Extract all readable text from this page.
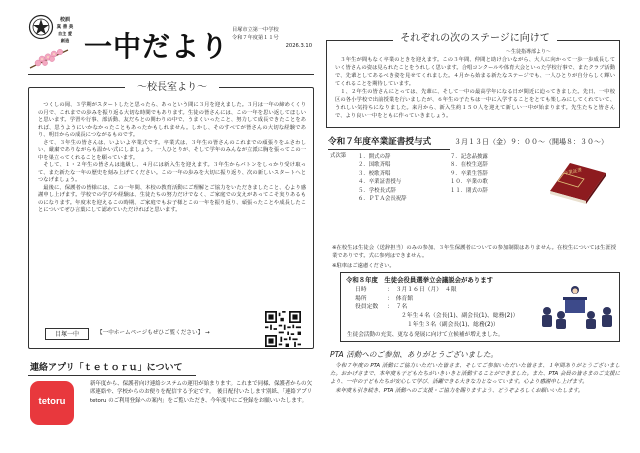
校訓
真 善 美
自主 愛 創造 一中だより 目塚市立第一中学校
令和７年度第１１号
2026.3.10
～校長室より～

つくしの岡、３学期がスタートしたと思ったら、あっという間に３月を迎えました。３月は一年の締めくくりの月で、これまでの歩みを振り返る大切な時間でもあります。生徒の皆さんには、この一年を思い返してほしいと思います。学習や行事、部活動、友だちとの関わりの中で、うまくいったこと、努力して成長できたことをあれば、思うようにいかなかったこともあったかもしれません。しかし、そのすべてが皆さんの大切な経験であり、明日からの成長につながるものです。

さて、３年生の皆さんは、いよいよ卒業式です。卒業式は、３年生の皆さんのこれまでの頑張りをふさわしい、厳粛でありながらも温かい式にしましょう。一人ひとりが、そして学年のみんなが立派に胸を張ってこの一中を巣立ってくれることを願っています。

そして、１・２年生の皆さんは進級し、４月には新入生を迎えます。３年生からバトンをしっかり受け取って、また新たな一年の歴史を刻み上げてください。この一年の歩みを大切に振り返り、次の新しいスタートへとつなげましょう。

最後に、保護者の皆様には、この一年間、本校の教育活動にご理解とご協力をいただきましたこと、心より感謝申し上げます。学校での学びや経験は、生徒たちの努力だけでなく、ご家庭での支えがあってこそ実りあるものになります。年度末を迎えるこの時期、ご家庭でもお子様とこの一年を振り返り、頑張ったことや成長したことについてぜひ言葉にして認めていただければと思います。

目塚一中	【一中ホームページもぜひご覧ください】 →
連絡アプリ「ｔｅｔｏｒｕ」について
tetoru
新年度から、保護者向け連絡システムの運用が始まります。これまで同様、保護者からの欠席連絡や、学校からのお便りを配信する予定です。　後日配付いたします別紙、「連絡アプリ tetoru のご利用登録への案内」をご覧いただき、今年度中にご登録をお願いいたします。
それぞれの次のステージに向けて
～生徒指導部より～

３年生が間もなく卒業のときを迎えます。この３年間、仲間と助け合いながら、大人に向かって一歩一歩成長していく皆さんの姿は見られたことをうれしく思います。合唱コンクールや体育大会といった学校行事で、またクラブ活動で、先輩としてあるべき姿を見せてくれました。４月から始まる新たなステージでも、一人ひとりが自分らしく輝いてくれることを期待しています。

１、２年生の皆さんにとっては、先輩に、そして一中の最高学年になる日が間近に迫ってきました。先日、一中校区の各小学校で出前授業を行いましたが、６年生の子たちは一中に入学することをとても楽しみにしてくれていて、うれしい気持ちになりました。来月から、新入生約１５０人を迎えて新しい一中が始まります。先生たちと皆さんで、より良い一中をともに作っていきましょう。

令和７年度卒業証書授与式	３月１３日（金）９：００～（開場８：３０～）
式次第 １．開式の辞
２．国歌斉唱
３．校歌斉唱
４．卒業証書授与
５．学校長式辞
６．ＰＴＡ会長祝辞
７．記念品披露
８．在校生送辞
９．卒業生答辞
１０．卒業の歌
１１．閉式の辞
卒業証書
※在校生は生徒会（送辞担当）のみの参加、３年生保護者についての参加制限はありません。在校生については生涯授業でありです。式に参列はできません。
※駐車はご遠慮ください。
令和８年度　生徒会役員選挙立会議説会があります
日時	：　３月１６日（月）　４限
場所	：　体育館
役員定数	：　７名
２年生４名（会長(1)、副会長(1)、総務(2)）
１年生３名（副会長(1)、総務(2)）
生徒会活動の充実、更なる発展に向けて立候補が増えました。
PTA 活動へのご参加、ありがとうございました。

令和７年度の PTA 活動にご協力いただいた皆さま、そしてご参加いただいた皆さま、１年間ありがとうございました。おかげさまで、本年度も子どもたちがいきいきと活動することができました。また、PTA 会員の皆さまのご支援により、一中の子どもたちが安心して学び、活躍できる大きな力となっています。心より感謝申し上げます。

来年度も引き続き、PTA 活動へのご支援・ご協力を賜りますよう、どうぞよろしくお願いいたします。
